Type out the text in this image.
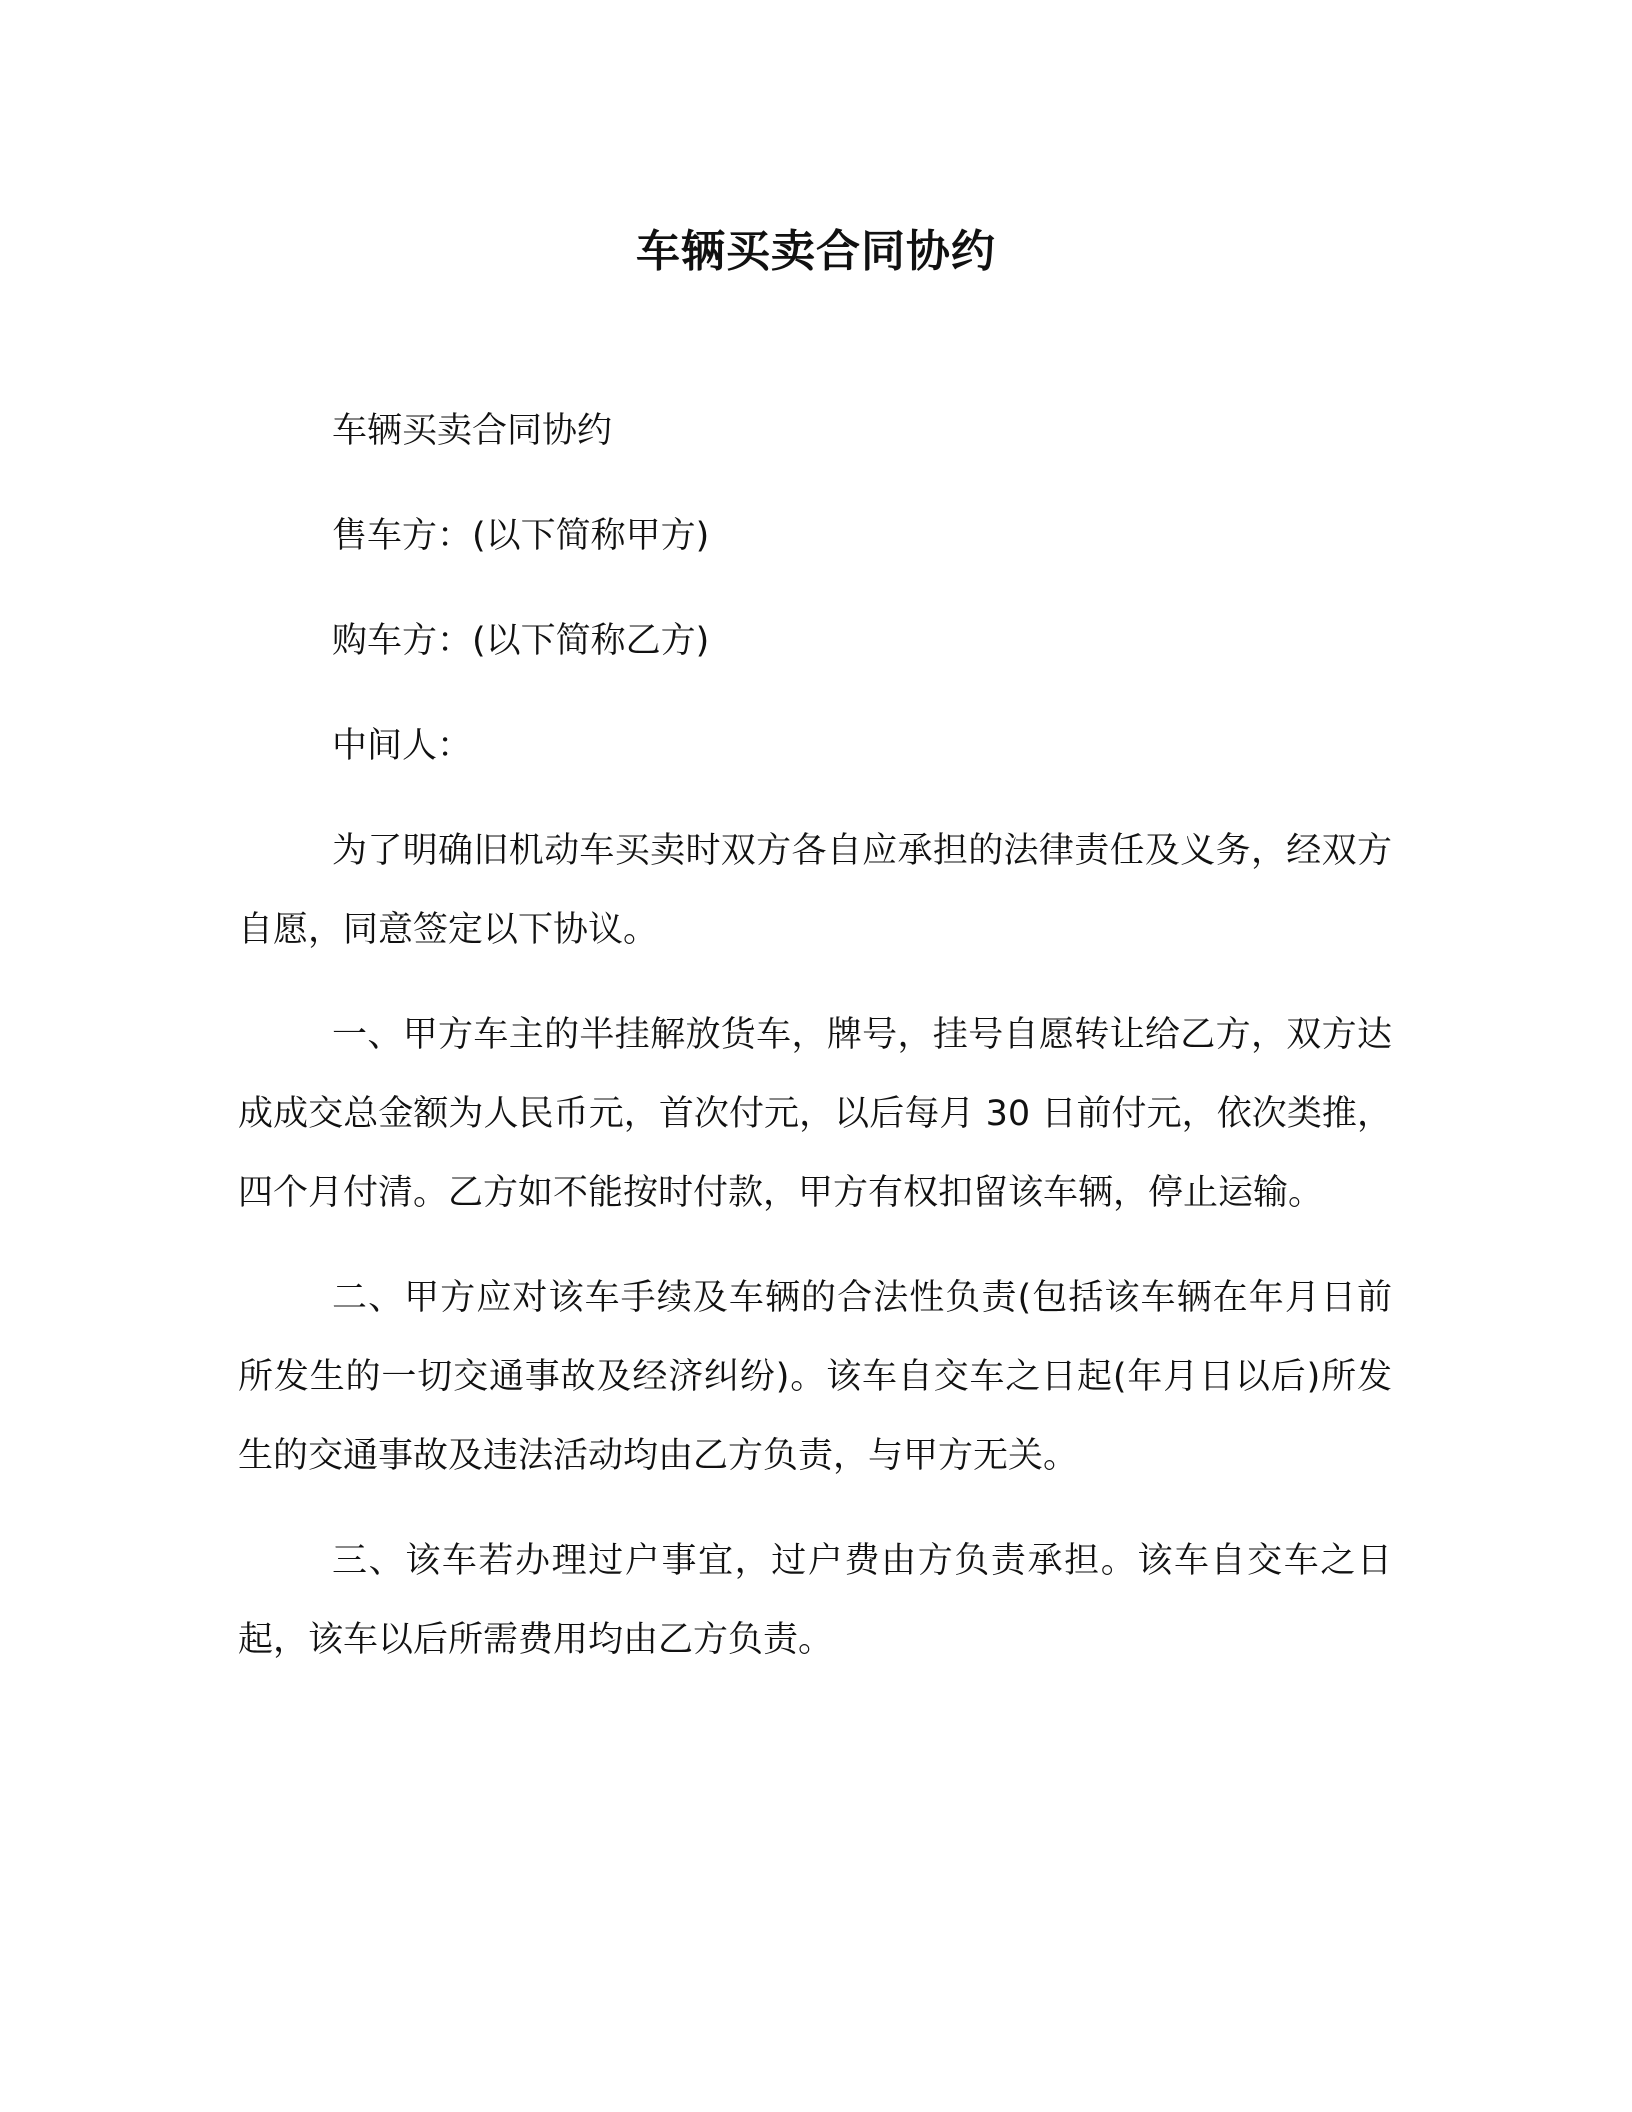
车辆买卖合同协约

车辆买卖合同协约

售车方：(以下简称甲方)

购车方：(以下简称乙方)

中间人：

为了明确旧机动车买卖时双方各自应承担的法律责任及义务，经双方自愿，同意签定以下协议。

一、甲方车主的半挂解放货车，牌号，挂号自愿转让给乙方，双方达成成交总金额为人民币元，首次付元，以后每月 30 日前付元，依次类推，四个月付清。乙方如不能按时付款，甲方有权扣留该车辆，停止运输。

二、甲方应对该车手续及车辆的合法性负责(包括该车辆在年月日前所发生的一切交通事故及经济纠纷)。该车自交车之日起(年月日以后)所发生的交通事故及违法活动均由乙方负责，与甲方无关。

三、该车若办理过户事宜，过户费由方负责承担。该车自交车之日起，该车以后所需费用均由乙方负责。
